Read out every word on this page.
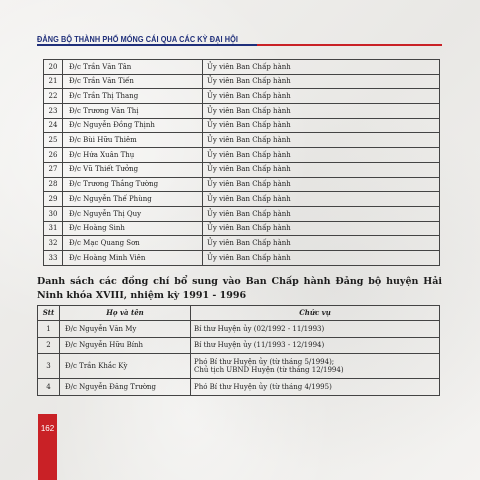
ĐẢNG BỘ THÀNH PHỐ MÓNG CÁI QUA CÁC KỲ ĐẠI HỘI
20	Đ/c Trần Văn Tân	Ủy viên Ban Chấp hành
21	Đ/c Trần Văn Tiến	Ủy viên Ban Chấp hành
22	Đ/c Trần Thị Thang	Ủy viên Ban Chấp hành
23	Đ/c Trương Văn Thị	Ủy viên Ban Chấp hành
24	Đ/c Nguyễn Đồng Thịnh	Ủy viên Ban Chấp hành
25	Đ/c Bùi Hữu Thiêm	Ủy viên Ban Chấp hành
26	Đ/c Hứa Xuân Thụ	Ủy viên Ban Chấp hành
27	Đ/c Vũ Thiết Tưởng	Ủy viên Ban Chấp hành
28	Đ/c Trương Thắng Tường	Ủy viên Ban Chấp hành
29	Đ/c Nguyễn Thế Phùng	Ủy viên Ban Chấp hành
30	Đ/c Nguyễn Thị Quy	Ủy viên Ban Chấp hành
31	Đ/c Hoàng Sinh	Ủy viên Ban Chấp hành
32	Đ/c Mạc Quang Sơn	Ủy viên Ban Chấp hành
33	Đ/c Hoàng Minh Viên	Ủy viên Ban Chấp hành
Danh sách các đồng chí bổ sung vào Ban Chấp hành Đảng bộ huyện Hải Ninh khóa XVIII, nhiệm kỳ 1991 - 1996
Stt	Họ và tên	Chức vụ
1	Đ/c Nguyễn Văn My	Bí thư Huyện ủy (02/1992 - 11/1993)

2	Đ/c Nguyễn Hữu Bính	Bí thư Huyện ủy (11/1993 - 12/1994)

3	Đ/c Trần Khắc Kỳ	Phó Bí thư Huyện ủy (từ tháng 5/1994);
Chủ tịch UBND Huyện (từ tháng 12/1994)

4	Đ/c Nguyễn Đăng Trường	Phó Bí thư Huyện ủy (từ tháng 4/1995)
162
